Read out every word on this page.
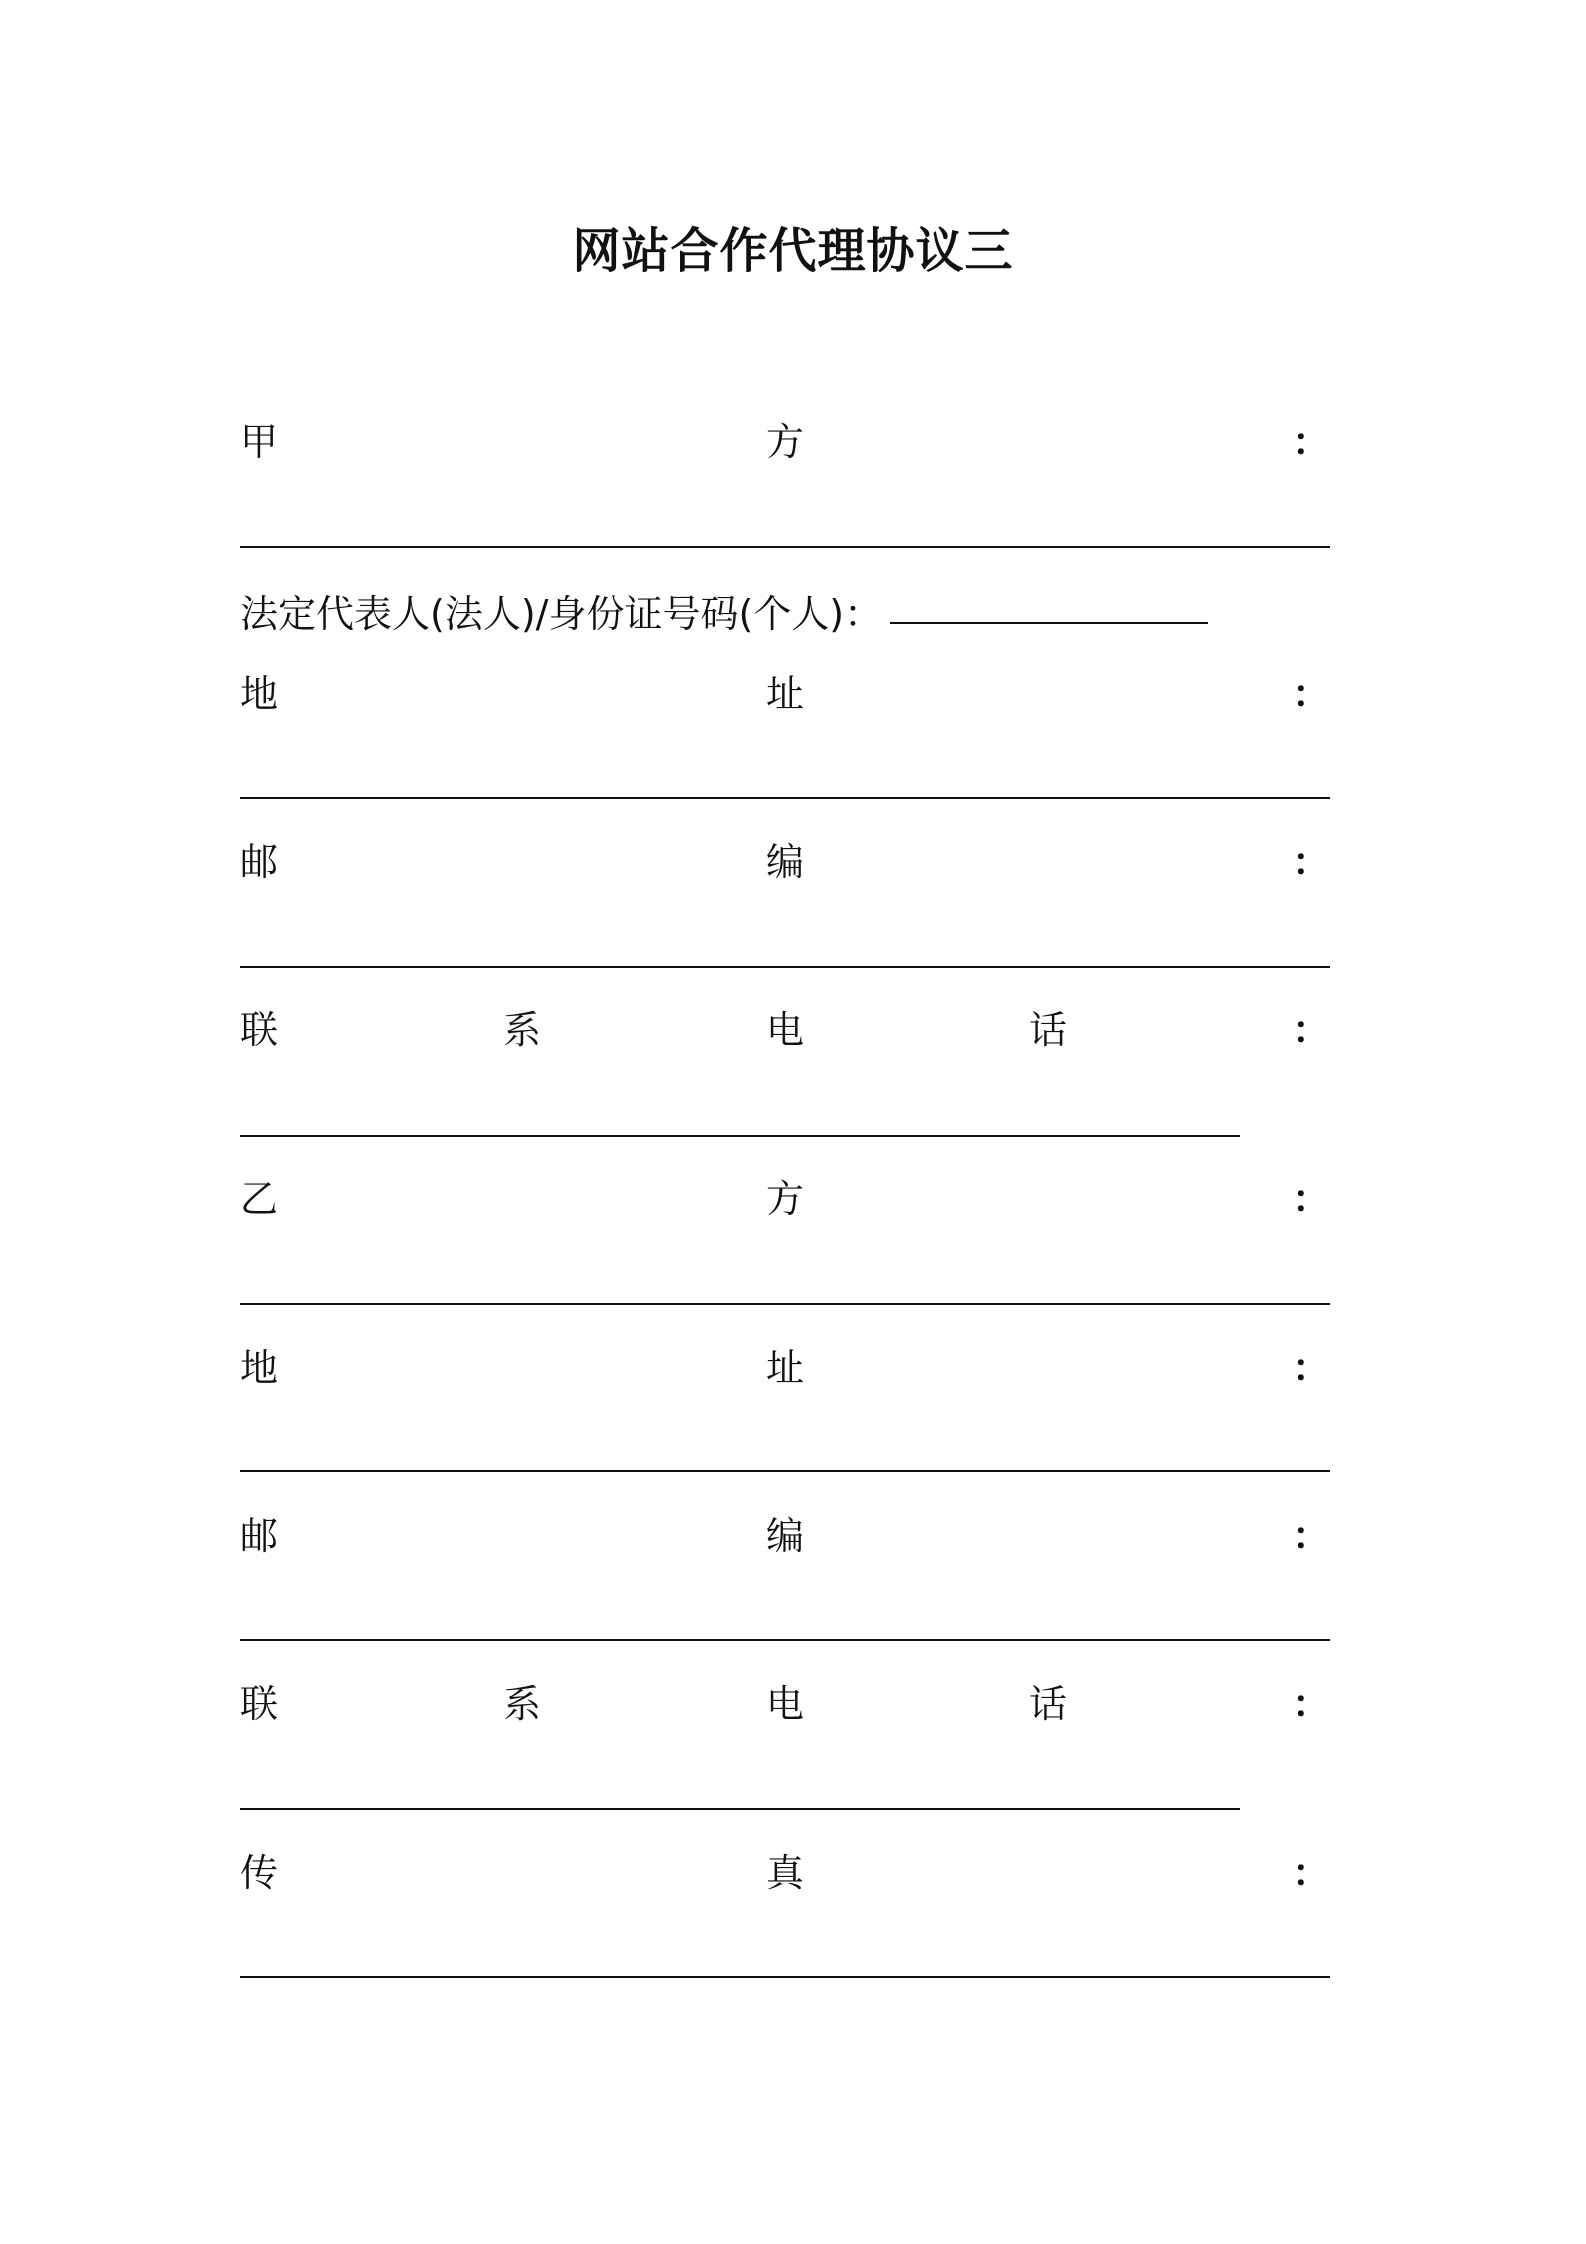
网站合作代理协议三
甲	方	：
法定代表人(法人)/身份证号码(个人)：
地	址	：
邮	编	：
联	系	电	话	：
乙	方	：
地	址	：
邮	编	：
联	系	电	话	：
传	真	：
